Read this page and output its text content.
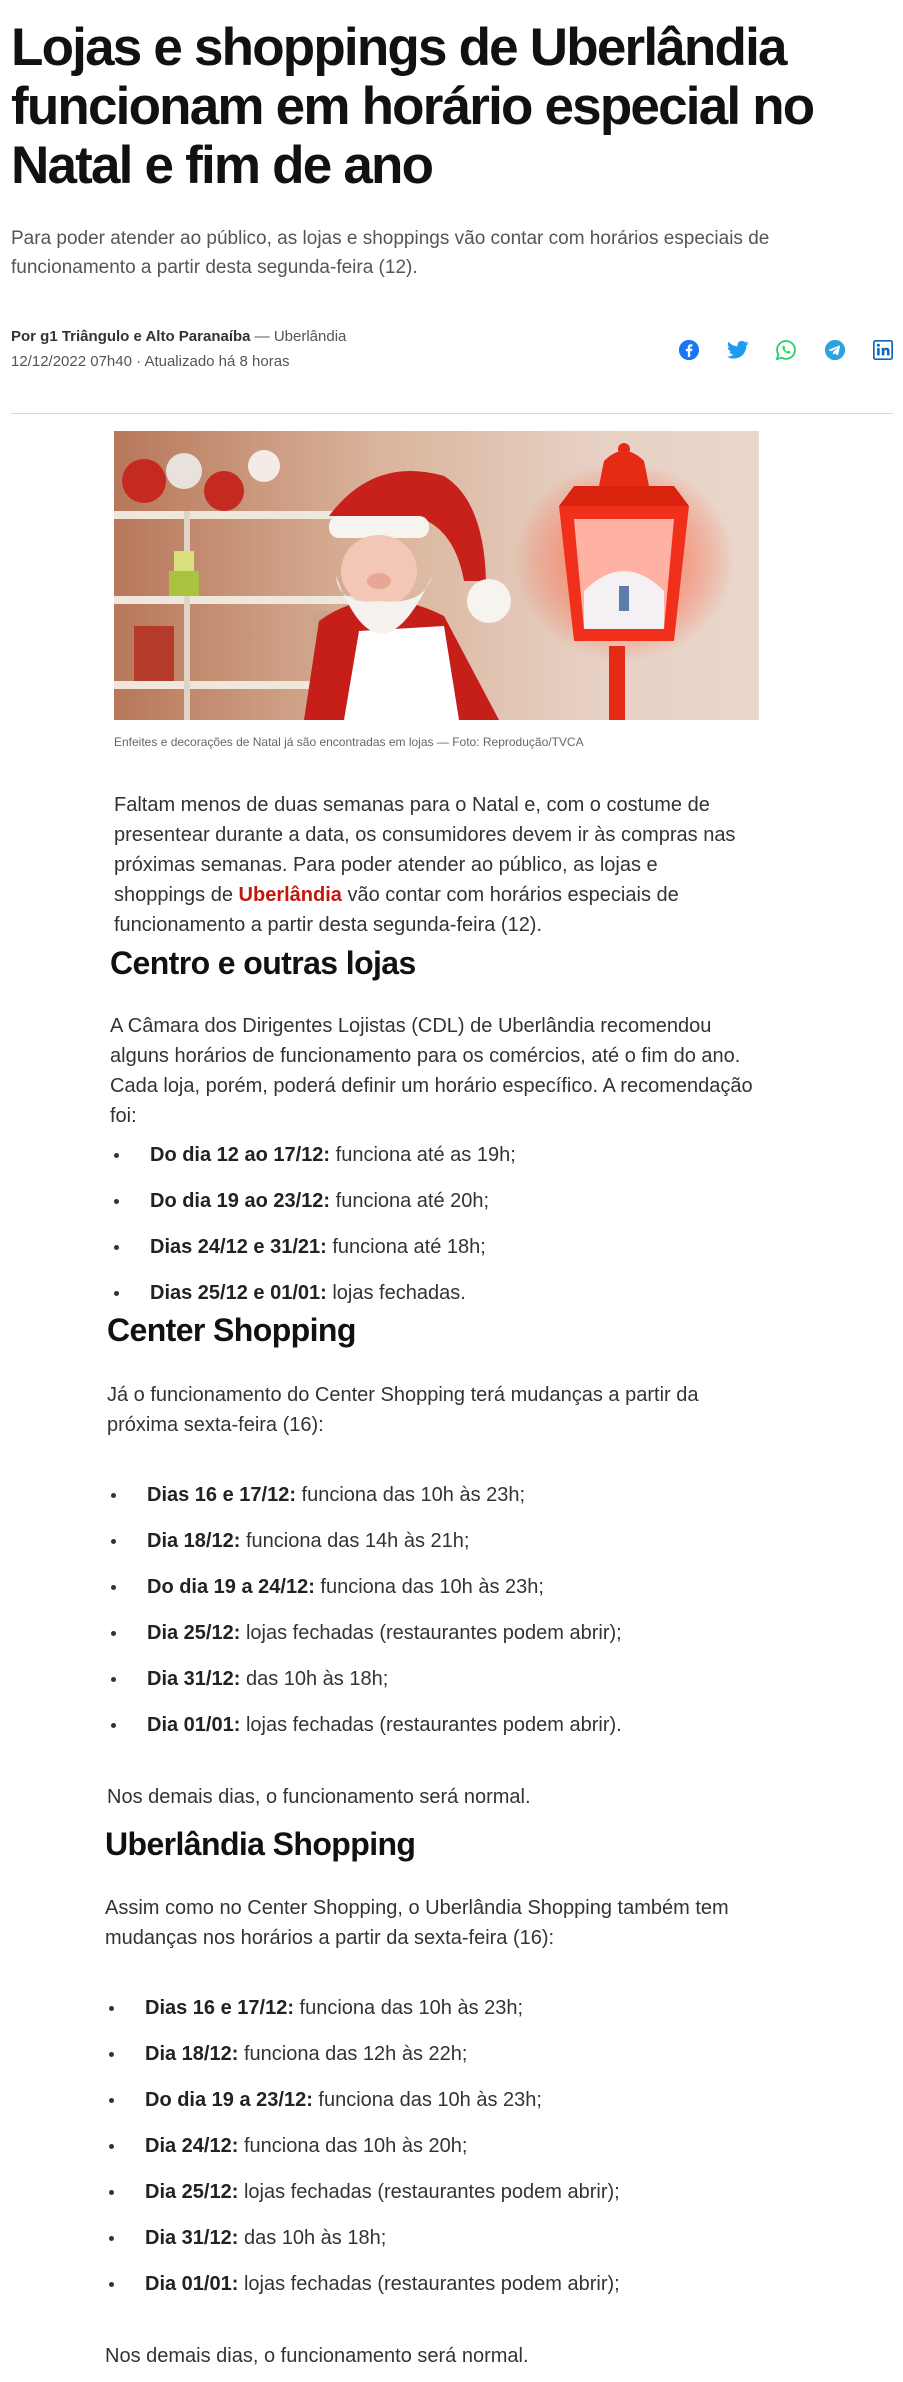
Lojas e shoppings de Uberlândia funcionam em horário especial no Natal e fim de ano

Para poder atender ao público, as lojas e shoppings vão contar com horários especiais de funcionamento a partir desta segunda-feira (12).

Por g1 Triângulo e Alto Paranaíba — Uberlândia
12/12/2022 07h40 · Atualizado há 8 horas
Enfeites e decorações de Natal já são encontradas em lojas — Foto: Reprodução/TVCA

Faltam menos de duas semanas para o Natal e, com o costume de presentear durante a data, os consumidores devem ir às compras nas próximas semanas. Para poder atender ao público, as lojas e shoppings de Uberlândia vão contar com horários especiais de funcionamento a partir desta segunda-feira (12).

Centro e outras lojas

A Câmara dos Dirigentes Lojistas (CDL) de Uberlândia recomendou alguns horários de funcionamento para os comércios, até o fim do ano. Cada loja, porém, poderá definir um horário específico. A recomendação foi:

Do dia 12 ao 17/12: funciona até as 19h;
Do dia 19 ao 23/12: funciona até 20h;
Dias 24/12 e 31/21: funciona até 18h;
Dias 25/12 e 01/01: lojas fechadas.
Center Shopping

Já o funcionamento do Center Shopping terá mudanças a partir da próxima sexta-feira (16):

Dias 16 e 17/12: funciona das 10h às 23h;
Dia 18/12: funciona das 14h às 21h;
Do dia 19 a 24/12: funciona das 10h às 23h;
Dia 25/12: lojas fechadas (restaurantes podem abrir);
Dia 31/12: das 10h às 18h;
Dia 01/01: lojas fechadas (restaurantes podem abrir).

Nos demais dias, o funcionamento será normal.

Uberlândia Shopping

Assim como no Center Shopping, o Uberlândia Shopping também tem mudanças nos horários a partir da sexta-feira (16):

Dias 16 e 17/12: funciona das 10h às 23h;
Dia 18/12: funciona das 12h às 22h;
Do dia 19 a 23/12: funciona das 10h às 23h;
Dia 24/12: funciona das 10h às 20h;
Dia 25/12: lojas fechadas (restaurantes podem abrir);
Dia 31/12: das 10h às 18h;
Dia 01/01: lojas fechadas (restaurantes podem abrir);

Nos demais dias, o funcionamento será normal.
